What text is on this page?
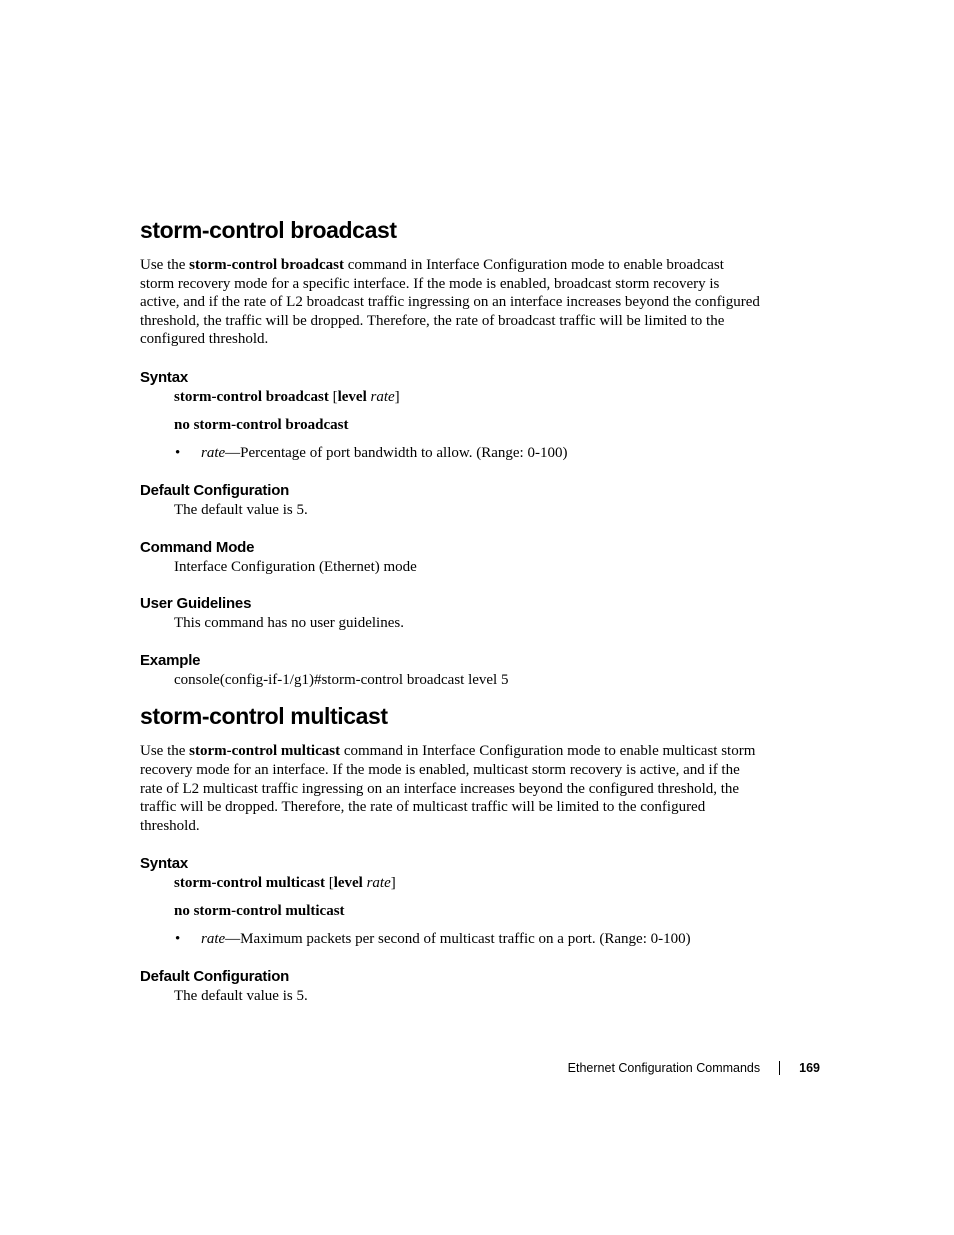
storm-control broadcast

Use the storm-control broadcast command in Interface Configuration mode to enable broadcast storm recovery mode for a specific interface. If the mode is enabled, broadcast storm recovery is active, and if the rate of L2 broadcast traffic ingressing on an interface increases beyond the configured threshold, the traffic will be dropped. Therefore, the rate of broadcast traffic will be limited to the configured threshold.

Syntax

storm-control broadcast [level rate]

no storm-control broadcast

• rate—Percentage of port bandwidth to allow. (Range: 0-100)
Default Configuration

The default value is 5.

Command Mode

Interface Configuration (Ethernet) mode

User Guidelines

This command has no user guidelines.

Example

console(config-if-1/g1)#storm-control broadcast level 5

storm-control multicast

Use the storm-control multicast command in Interface Configuration mode to enable multicast storm recovery mode for an interface. If the mode is enabled, multicast storm recovery is active, and if the rate of L2 multicast traffic ingressing on an interface increases beyond the configured threshold, the traffic will be dropped. Therefore, the rate of multicast traffic will be limited to the configured threshold.

Syntax

storm-control multicast [level rate]

no storm-control multicast

• rate—Maximum packets per second of multicast traffic on a port. (Range: 0-100)
Default Configuration

The default value is 5.

Ethernet Configuration Commands	169
